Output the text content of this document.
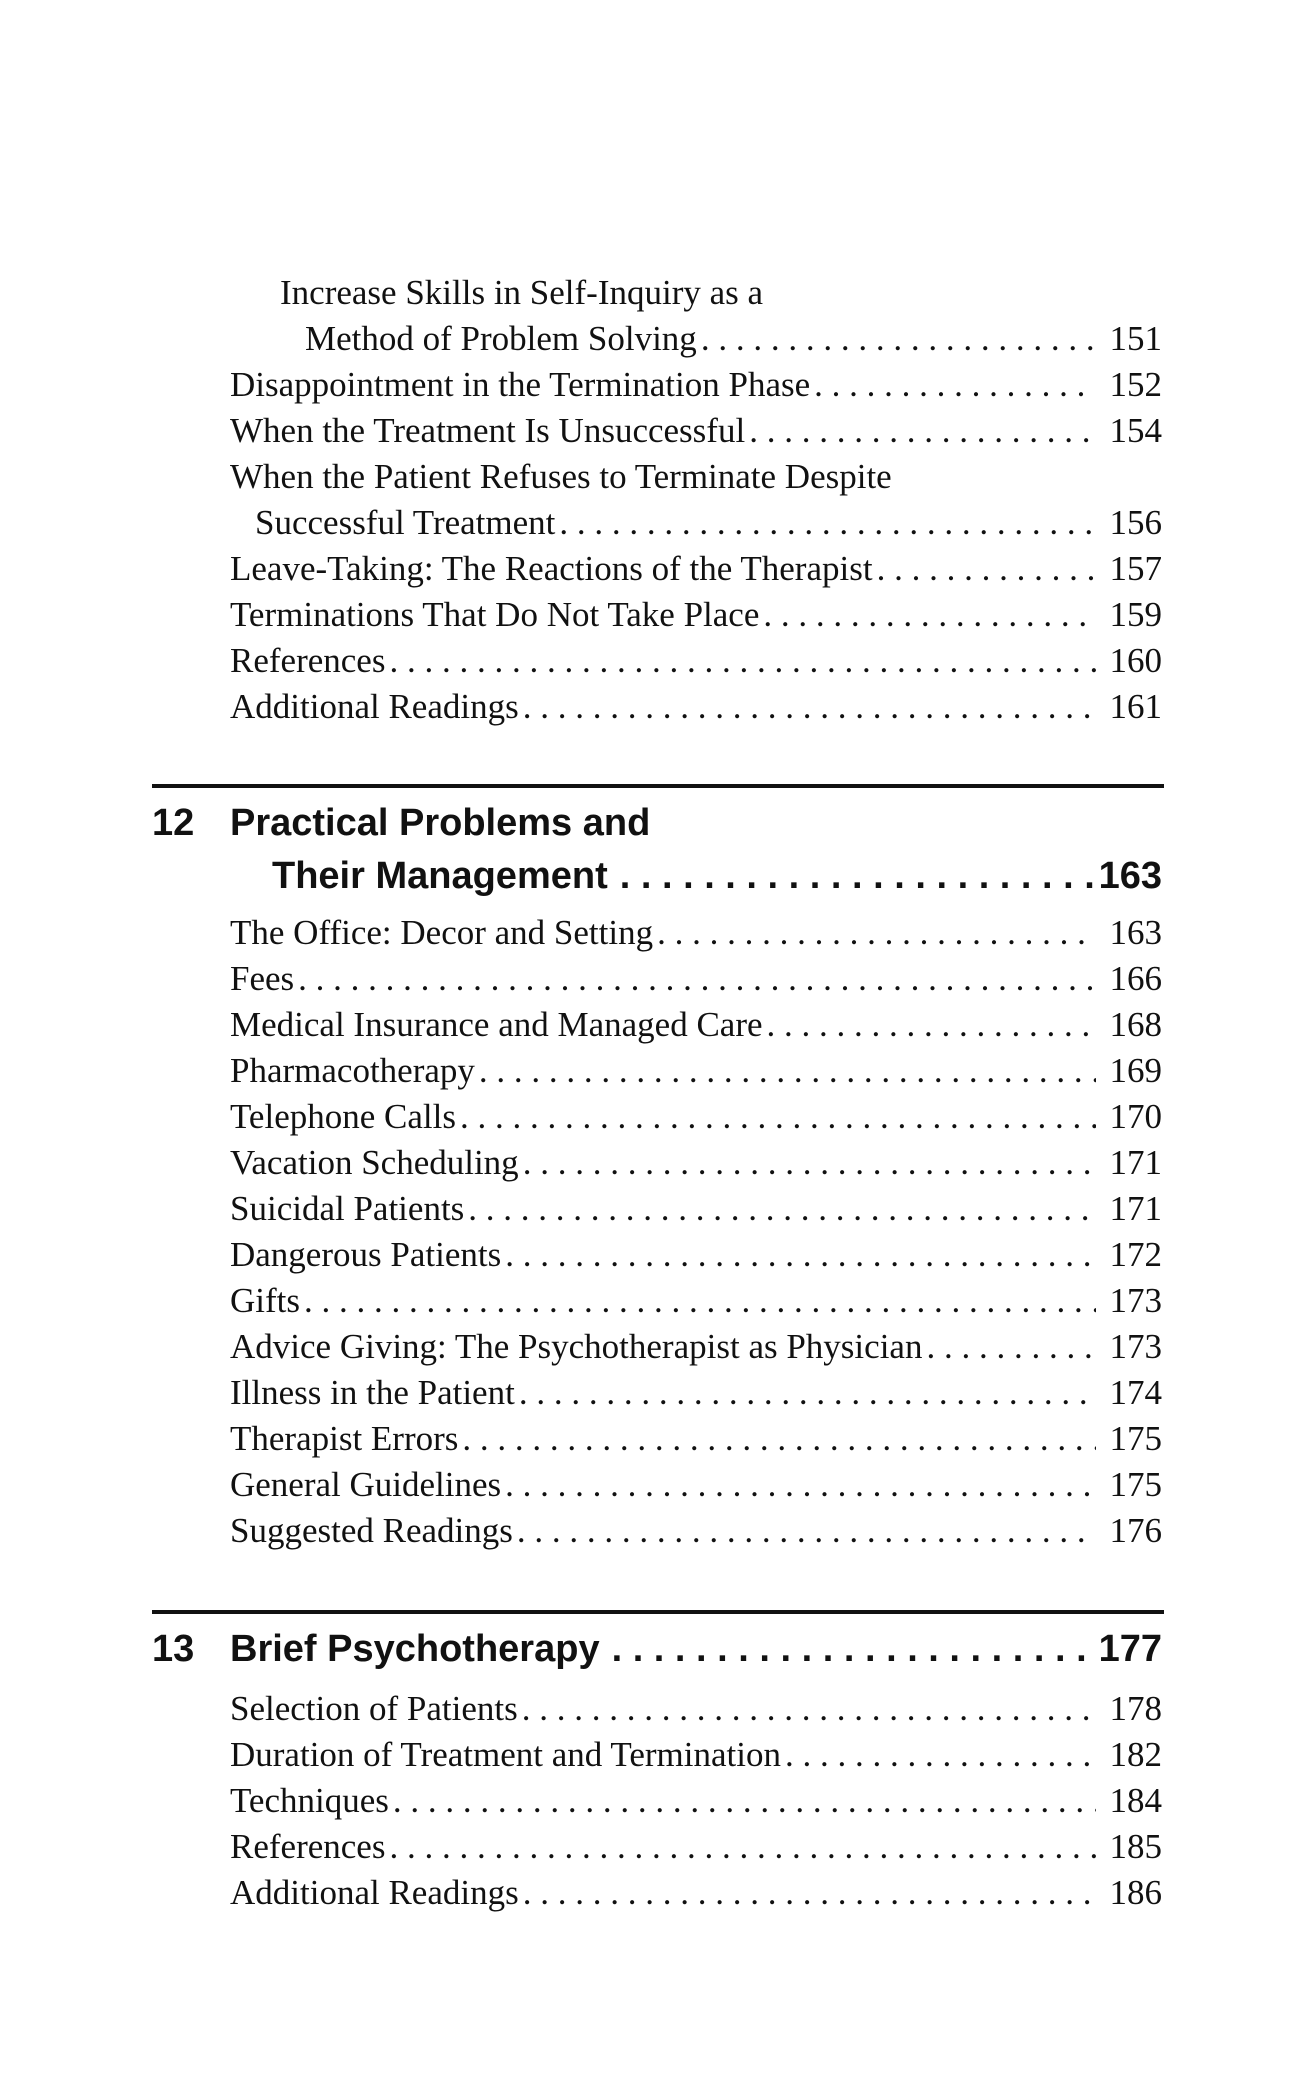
Increase Skills in Self-Inquiry as a
Method of Problem Solving . . .	151
Disappointment in the Termination Phase . . .	152
When the Treatment Is Unsuccessful . . .	154
When the Patient Refuses to Terminate Despite
Successful Treatment . . .	156
Leave-Taking: The Reactions of the Therapist . . .	157
Terminations That Do Not Take Place . . .	159
References . . .	160
Additional Readings . . .	161
12 Practical Problems and
Their Management . . .	163
The Office: Decor and Setting . . .	163
Fees . . .	166
Medical Insurance and Managed Care . . .	168
Pharmacotherapy . . .	169
Telephone Calls . . .	170
Vacation Scheduling . . .	171
Suicidal Patients . . .	171
Dangerous Patients . . .	172
Gifts . . .	173
Advice Giving: The Psychotherapist as Physician . . .	173
Illness in the Patient . . .	174
Therapist Errors . . .	175
General Guidelines . . .	175
Suggested Readings . . .	176
13 Brief Psychotherapy . . .	177
Selection of Patients . . .	178
Duration of Treatment and Termination . . .	182
Techniques . . .	184
References . . .	185
Additional Readings . . .	186
